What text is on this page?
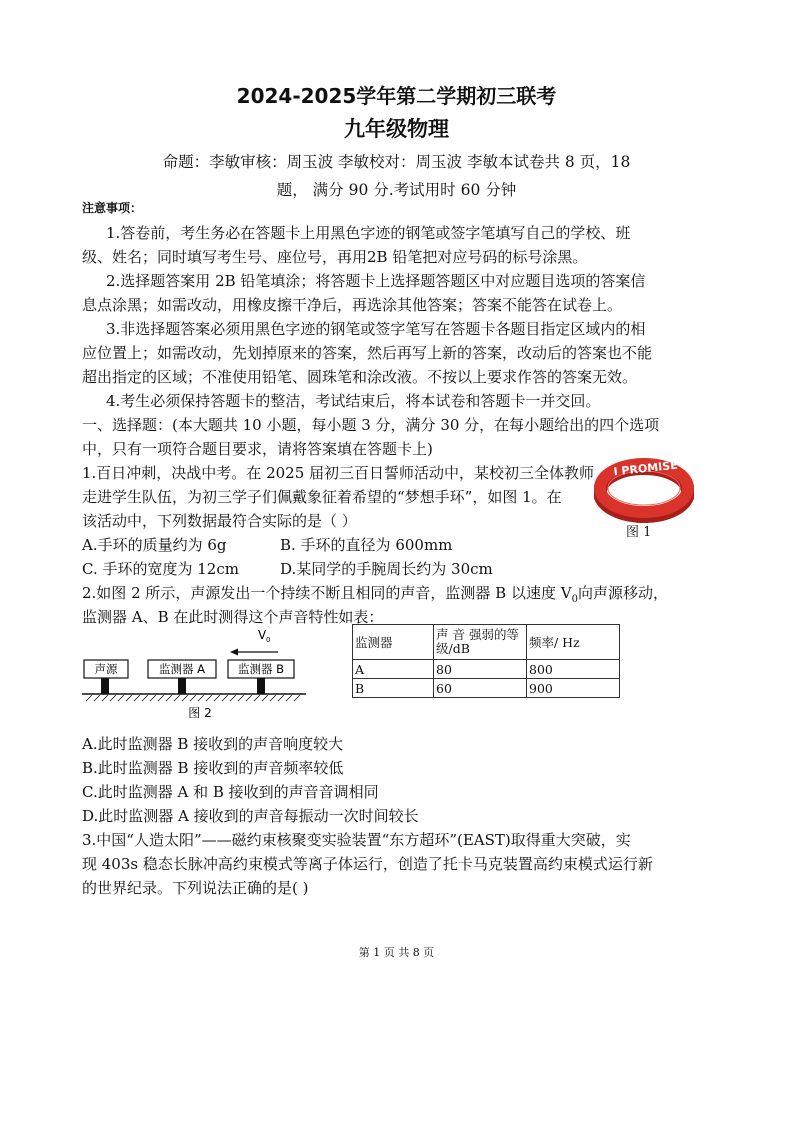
2024-2025学年第二学期初三联考
九年级物理
命题：李敏审核：周玉波 李敏校对：周玉波 李敏本试卷共 8 页，18
题， 满分 90 分.考试用时 60 分钟
注意事项：
1.答卷前，考生务必在答题卡上用黑色字迹的钢笔或签字笔填写自己的学校、班
级、姓名；同时填写考生号、座位号，再用2B 铅笔把对应号码的标号涂黑。
2.选择题答案用 2B 铅笔填涂；将答题卡上选择题答题区中对应题目选项的答案信
息点涂黑；如需改动，用橡皮擦干净后，再选涂其他答案；答案不能答在试卷上。
3.非选择题答案必须用黑色字迹的钢笔或签字笔写在答题卡各题目指定区域内的相
应位置上；如需改动，先划掉原来的答案，然后再写上新的答案，改动后的答案也不能
超出指定的区域；不准使用铅笔、圆珠笔和涂改液。不按以上要求作答的答案无效。
4.考生必须保持答题卡的整洁，考试结束后，将本试卷和答题卡一并交回。
一、选择题：(本大题共 10 小题，每小题 3 分，满分 30 分，在每小题给出的四个选项
中，只有一项符合题目要求，请将答案填在答题卡上)
1.百日冲刺，决战中考。在 2025 届初三百日誓师活动中，某校初三全体教师
走进学生队伍，为初三学子们佩戴象征着希望的“梦想手环”，如图 1。在
该活动中，下列数据最符合实际的是（ ）
I PROMISE
图 1
A.手环的质量约为 6g	B. 手环的直径为 600mm
C. 手环的宽度为 12cm	D.某同学的手腕周长约为 30cm
2.如图 2 所示，声源发出一个持续不断且相同的声音，监测器 B 以速度 $V_0$向声源移动，
监测器 A、B 在此时测得这个声音特性如表：
V 0
声源	监测器 A	监测器 B
图 2
监测器	声 音 强弱的等级/dB	频率/ Hz
A	80	800
B	60	900
A.此时监测器 B 接收到的声音响度较大
B.此时监测器 B 接收到的声音频率较低
C.此时监测器 A 和 B 接收到的声音音调相同
D.此时监测器 A 接收到的声音每振动一次时间较长
3.中国“人造太阳”——磁约束核聚变实验装置“东方超环”(EAST)取得重大突破，实
现 403s 稳态长脉冲高约束模式等离子体运行，创造了托卡马克装置高约束模式运行新
的世界纪录。下列说法正确的是( )
第 1 页 共 8 页
